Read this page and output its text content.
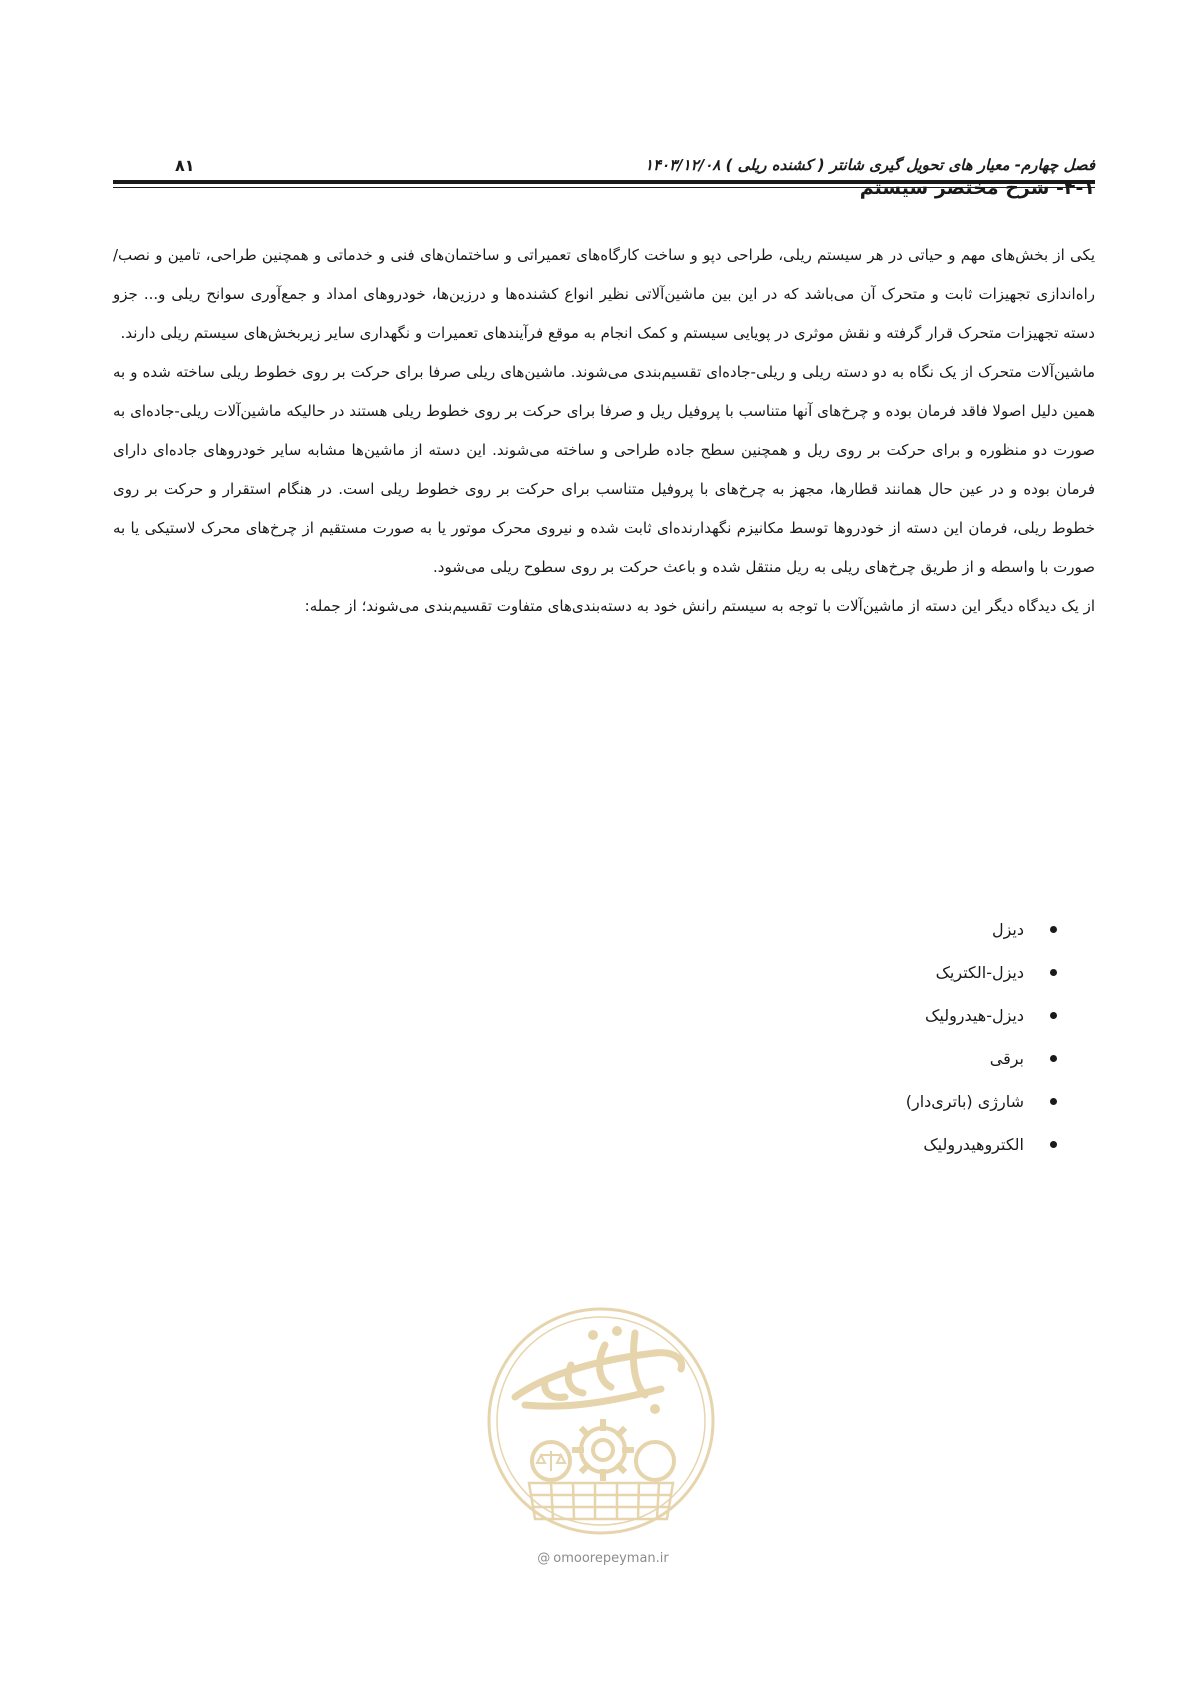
۸۱	فصل چهارم- معیار های تحویل گیری شانتر ( کشنده ریلی ) ۱۴۰۳/۱۲/۰۸
۴-۱- شرح مختصر سیستم

یکی از بخش‌های مهم و حیاتی در هر سیستم ریلی، طراحی دپو و ساخت کارگاه‌های تعمیراتی و ساختمان‌های فنی و خدماتی و همچنین طراحی، تامین و نصب/ راه‌اندازی تجهیزات ثابت و متحرک آن می‌باشد که در این بین ماشین‌آلاتی نظیر انواع کشنده‌ها و درزین‌ها، خودروهای امداد و جمع‌آوری سوانح ریلی و... جزو دسته تجهیزات متحرک قرار گرفته و نقش موثری در پویایی سیستم و کمک انجام به موقع فرآیندهای تعمیرات و نگهداری سایر زیربخش‌های سیستم ریلی دارند.

ماشین‌آلات متحرک از یک نگاه به دو دسته ریلی و ریلی-جاده‌ای تقسیم‌بندی می‌شوند. ماشین‌های ریلی صرفا برای حرکت بر روی خطوط ریلی ساخته شده و به همین دلیل اصولا فاقد فرمان بوده و چرخ‌های آنها متناسب با پروفیل ریل و صرفا برای حرکت بر روی خطوط ریلی هستند در حالیکه ماشین‌آلات ریلی-جاده‌ای به صورت دو منظوره و برای حرکت بر روی ریل و همچنین سطح جاده طراحی و ساخته می‌شوند. این دسته از ماشین‌ها مشابه سایر خودروهای جاده‌ای دارای فرمان بوده و در عین حال همانند قطارها، مجهز به چرخ‌های با پروفیل متناسب برای حرکت بر روی خطوط ریلی است. در هنگام استقرار و حرکت بر روی خطوط ریلی، فرمان این دسته از خودروها توسط مکانیزم نگهدارنده‌ای ثابت شده و نیروی محرک موتور یا به صورت مستقیم از چرخ‌های محرک لاستیکی یا به صورت با واسطه و از طریق چرخ‌های ریلی به ریل منتقل شده و باعث حرکت بر روی سطوح ریلی می‌شود.

از یک دیدگاه دیگر این دسته از ماشین‌آلات با توجه به سیستم رانش خود به دسته‌بندی‌های متفاوت تقسیم‌بندی می‌شوند؛ از جمله:

دیزل
دیزل-الکتریک
دیزل-هیدرولیک
برقی
شارژی (باتری‌دار)
الکتروهیدرولیک
@ omoorepeyman.ir
